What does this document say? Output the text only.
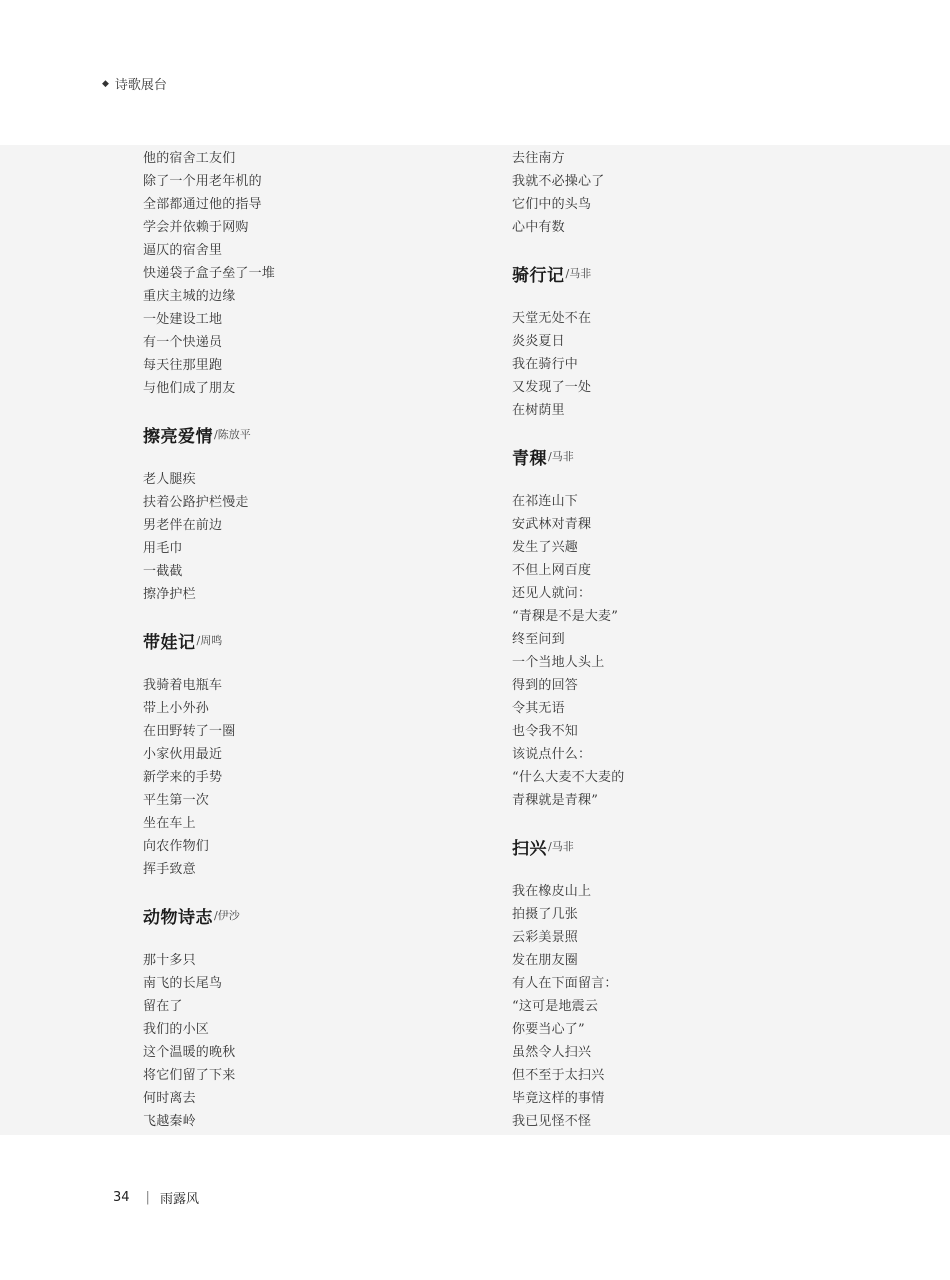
◆ 诗歌展台
他的宿舍工友们
除了一个用老年机的
全部都通过他的指导
学会并依赖于网购
逼仄的宿舍里
快递袋子盒子垒了一堆
重庆主城的边缘
一处建设工地
有一个快递员
每天往那里跑
与他们成了朋友
擦亮爱情 /陈放平
老人腿疾
扶着公路护栏慢走
男老伴在前边
用毛巾
一截截
擦净护栏
带娃记 /周鸣
我骑着电瓶车
带上小外孙
在田野转了一圈
小家伙用最近
新学来的手势
平生第一次
坐在车上
向农作物们
挥手致意
动物诗志 /伊沙
那十多只
南飞的长尾鸟
留在了
我们的小区
这个温暖的晚秋
将它们留了下来
何时离去
飞越秦岭
去往南方
我就不必操心了
它们中的头鸟
心中有数
骑行记 /马非
天堂无处不在
炎炎夏日
我在骑行中
又发现了一处
在树荫里
青稞 /马非
在祁连山下
安武林对青稞
发生了兴趣
不但上网百度
还见人就问：
“青稞是不是大麦”
终至问到
一个当地人头上
得到的回答
令其无语
也令我不知
该说点什么：
“什么大麦不大麦的
青稞就是青稞”
扫兴 /马非
我在橡皮山上
拍摄了几张
云彩美景照
发在朋友圈
有人在下面留言：
“这可是地震云
你要当心了”
虽然令人扫兴
但不至于太扫兴
毕竟这样的事情
我已见怪不怪
34 | 雨露风
